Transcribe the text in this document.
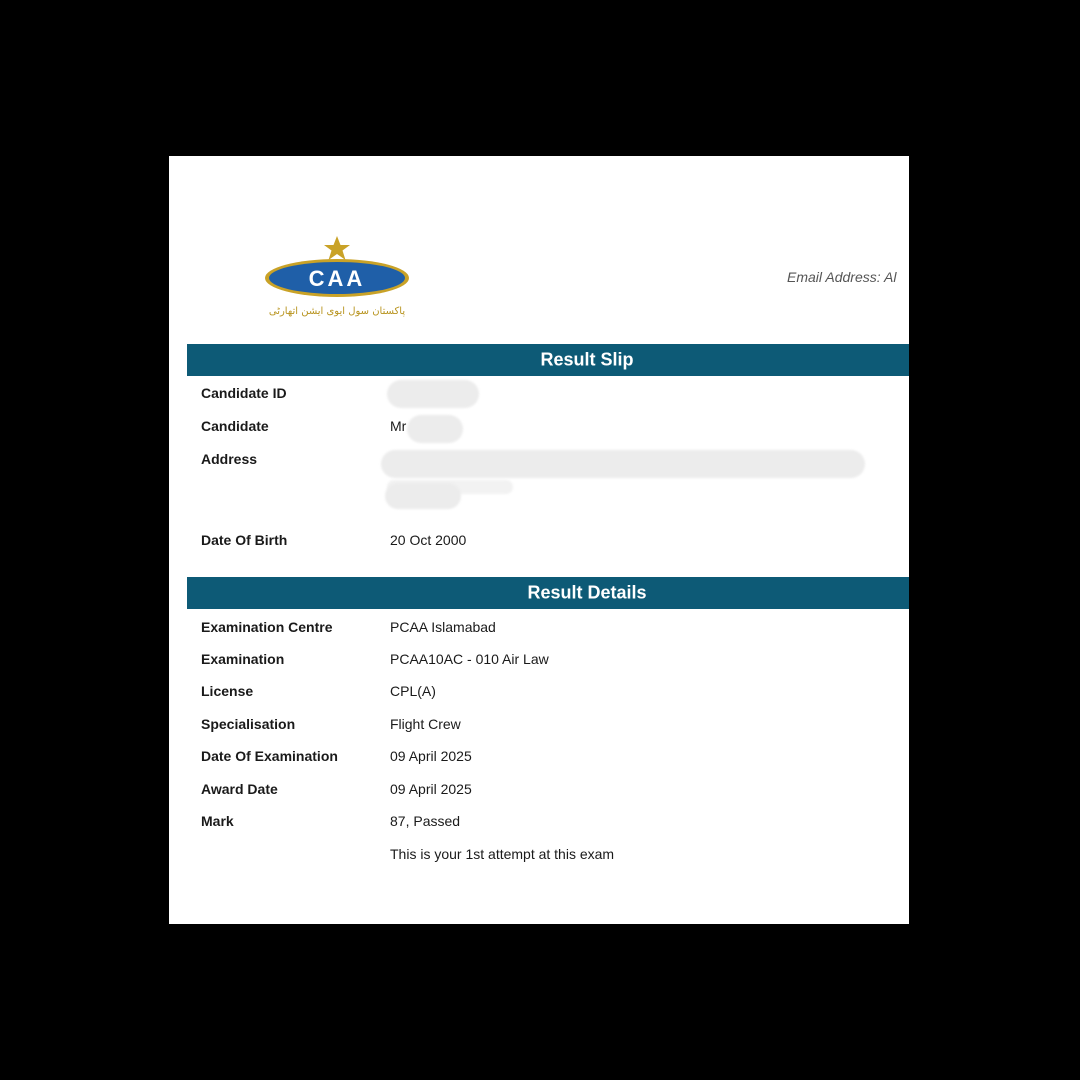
CAA
پاکستان سول ایوی ایشن اتھارٹی
Email Address: Al
Result Slip
Candidate ID
Candidate	Mr
Address
Date Of Birth	20 Oct 2000
Result Details
Examination Centre	PCAA Islamabad
Examination	PCAA10AC - 010 Air Law
License	CPL(A)
Specialisation	Flight Crew
Date Of Examination	09 April 2025
Award Date	09 April 2025
Mark	87, Passed
This is your 1st attempt at this exam
